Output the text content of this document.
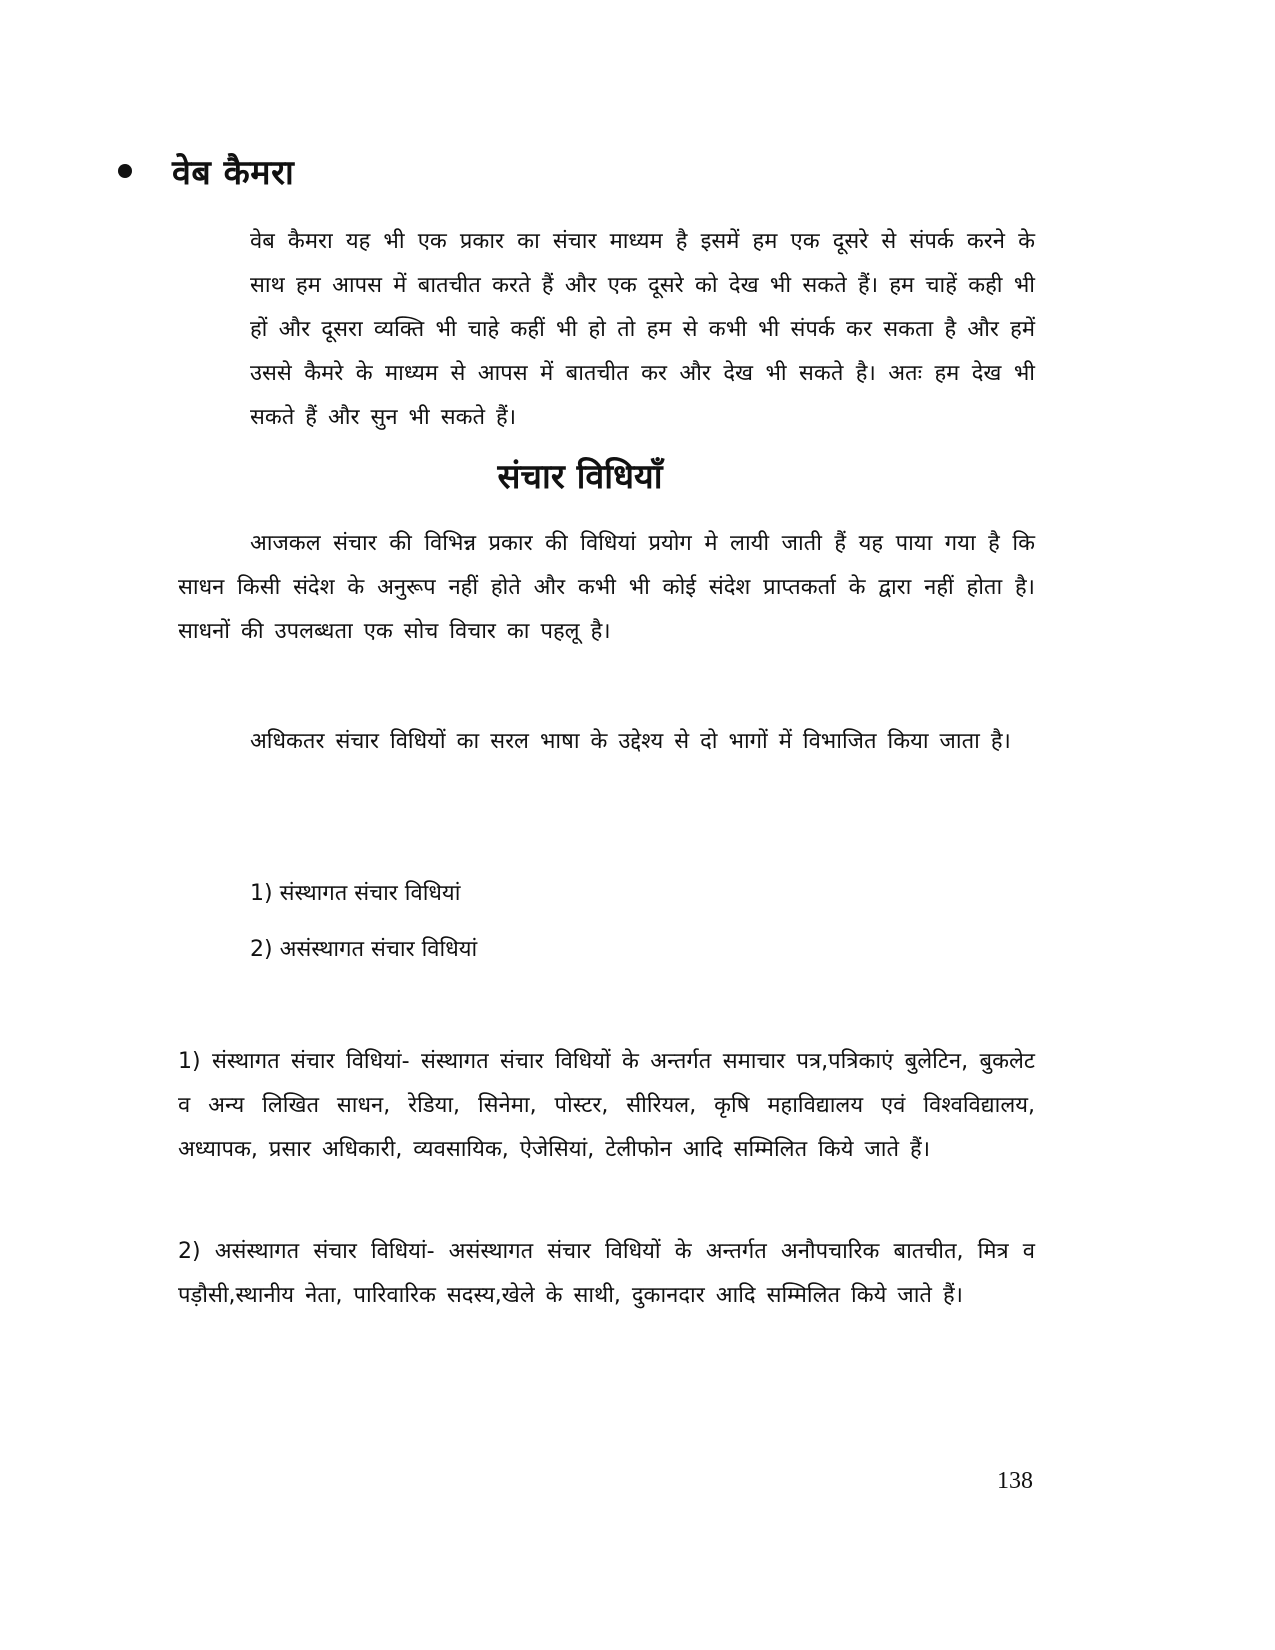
वेब कैमरा

वेब कैमरा यह भी एक प्रकार का संचार माध्यम है इसमें हम एक दूसरे से संपर्क करने के साथ हम आपस में बातचीत करते हैं और एक दूसरे को देख भी सकते हैं। हम चाहें कही भी हों और दूसरा व्यक्ति भी चाहे कहीं भी हो तो हम से कभी भी संपर्क कर सकता है और हमें उससे कैमरे के माध्यम से आपस में बातचीत कर और देख भी सकते है। अतः हम देख भी सकते हैं और सुन भी सकते हैं।

संचार विधियाँ

आजकल संचार की विभिन्न प्रकार की विधियां प्रयोग मे लायी जाती हैं यह पाया गया है कि साधन किसी संदेश के अनुरूप नहीं होते और कभी भी कोई संदेश प्राप्तकर्ता के द्वारा नहीं होता है। साधनों की उपलब्धता एक सोच विचार का पहलू है।

अधिकतर संचार विधियों का सरल भाषा के उद्देश्य से दो भागों में विभाजित किया जाता है।

1) संस्थागत संचार विधियां
2) असंस्थागत संचार विधियां

1) संस्थागत संचार विधियां- संस्थागत संचार विधियों के अन्तर्गत समाचार पत्र,पत्रिकाएं बुलेटिन, बुकलेट व अन्य लिखित साधन, रेडिया, सिनेमा, पोस्टर, सीरियल, कृषि महाविद्यालय एवं विश्वविद्यालय, अध्यापक, प्रसार अधिकारी, व्यवसायिक, ऐजेसियां, टेलीफोन आदि सम्मिलित किये जाते हैं।

2) असंस्थागत संचार विधियां- असंस्थागत संचार विधियों के अन्तर्गत अनौपचारिक बातचीत, मित्र व पड़ौसी,स्थानीय नेता, पारिवारिक सदस्य,खेले के साथी, दुकानदार आदि सम्मिलित किये जाते हैं।

138
